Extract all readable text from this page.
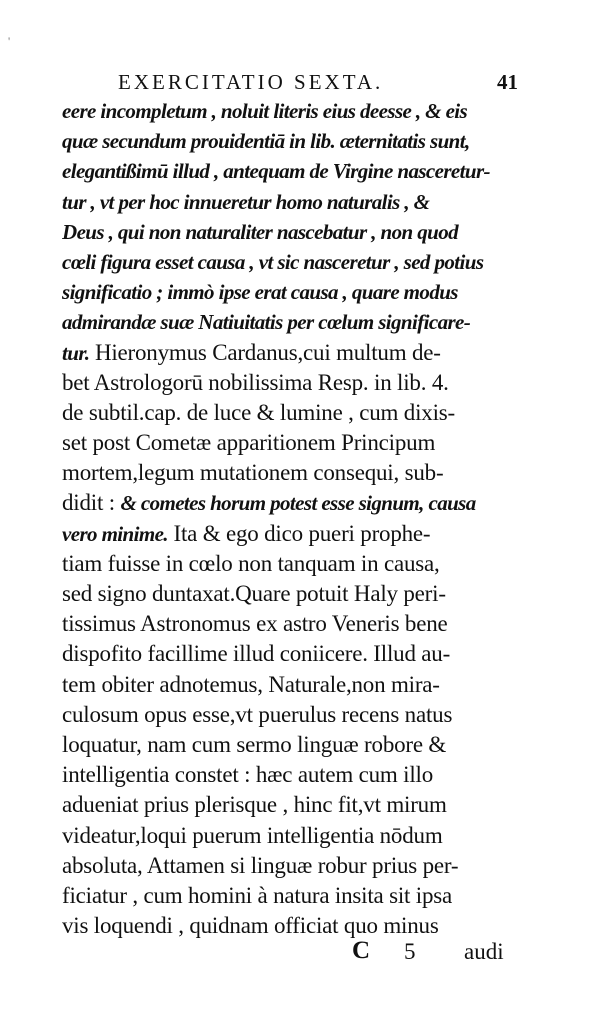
'
EXERCITATIO SEXTA.	41
eere incompletum , noluit literis eius deesse , & eis
quæ secundum prouidentiā in lib. æternitatis sunt,
elegantißimū illud , antequam de Virgine nasceretur-
tur , vt per hoc innueretur homo naturalis , &
Deus , qui non naturaliter nascebatur , non quod
cœli figura esset causa , vt sic nasceretur , sed potius
significatio ; immò ipse erat causa , quare modus
admirandæ suæ Natiuitatis per cœlum significare-
tur. Hieronymus Cardanus,cui multum de-
bet Astrologorū nobilissima Resp. in lib. 4.
de subtil.cap. de luce & lumine , cum dixis-
set post Cometæ apparitionem Principum
mortem,legum mutationem consequi, sub-
didit : & cometes horum potest esse signum, causa
vero minime. Ita & ego dico pueri prophe-
tiam fuisse in cœlo non tanquam in causa,
sed signo duntaxat.Quare potuit Haly peri-
tissimus Astronomus ex astro Veneris bene
dispofito facillime illud coniicere. Illud au-
tem obiter adnotemus, Naturale,non mira-
culosum opus esse,vt puerulus recens natus
loquatur, nam cum sermo linguæ robore &
intelligentia constet : hæc autem cum illo
adueniat prius plerisque , hinc fit,vt mirum
videatur,loqui puerum intelligentia nōdum
absoluta, Attamen si linguæ robur prius per-
ficiatur , cum homini à natura insita sit ipsa
vis loquendi , quidnam officiat quo minus
C 5 audi
